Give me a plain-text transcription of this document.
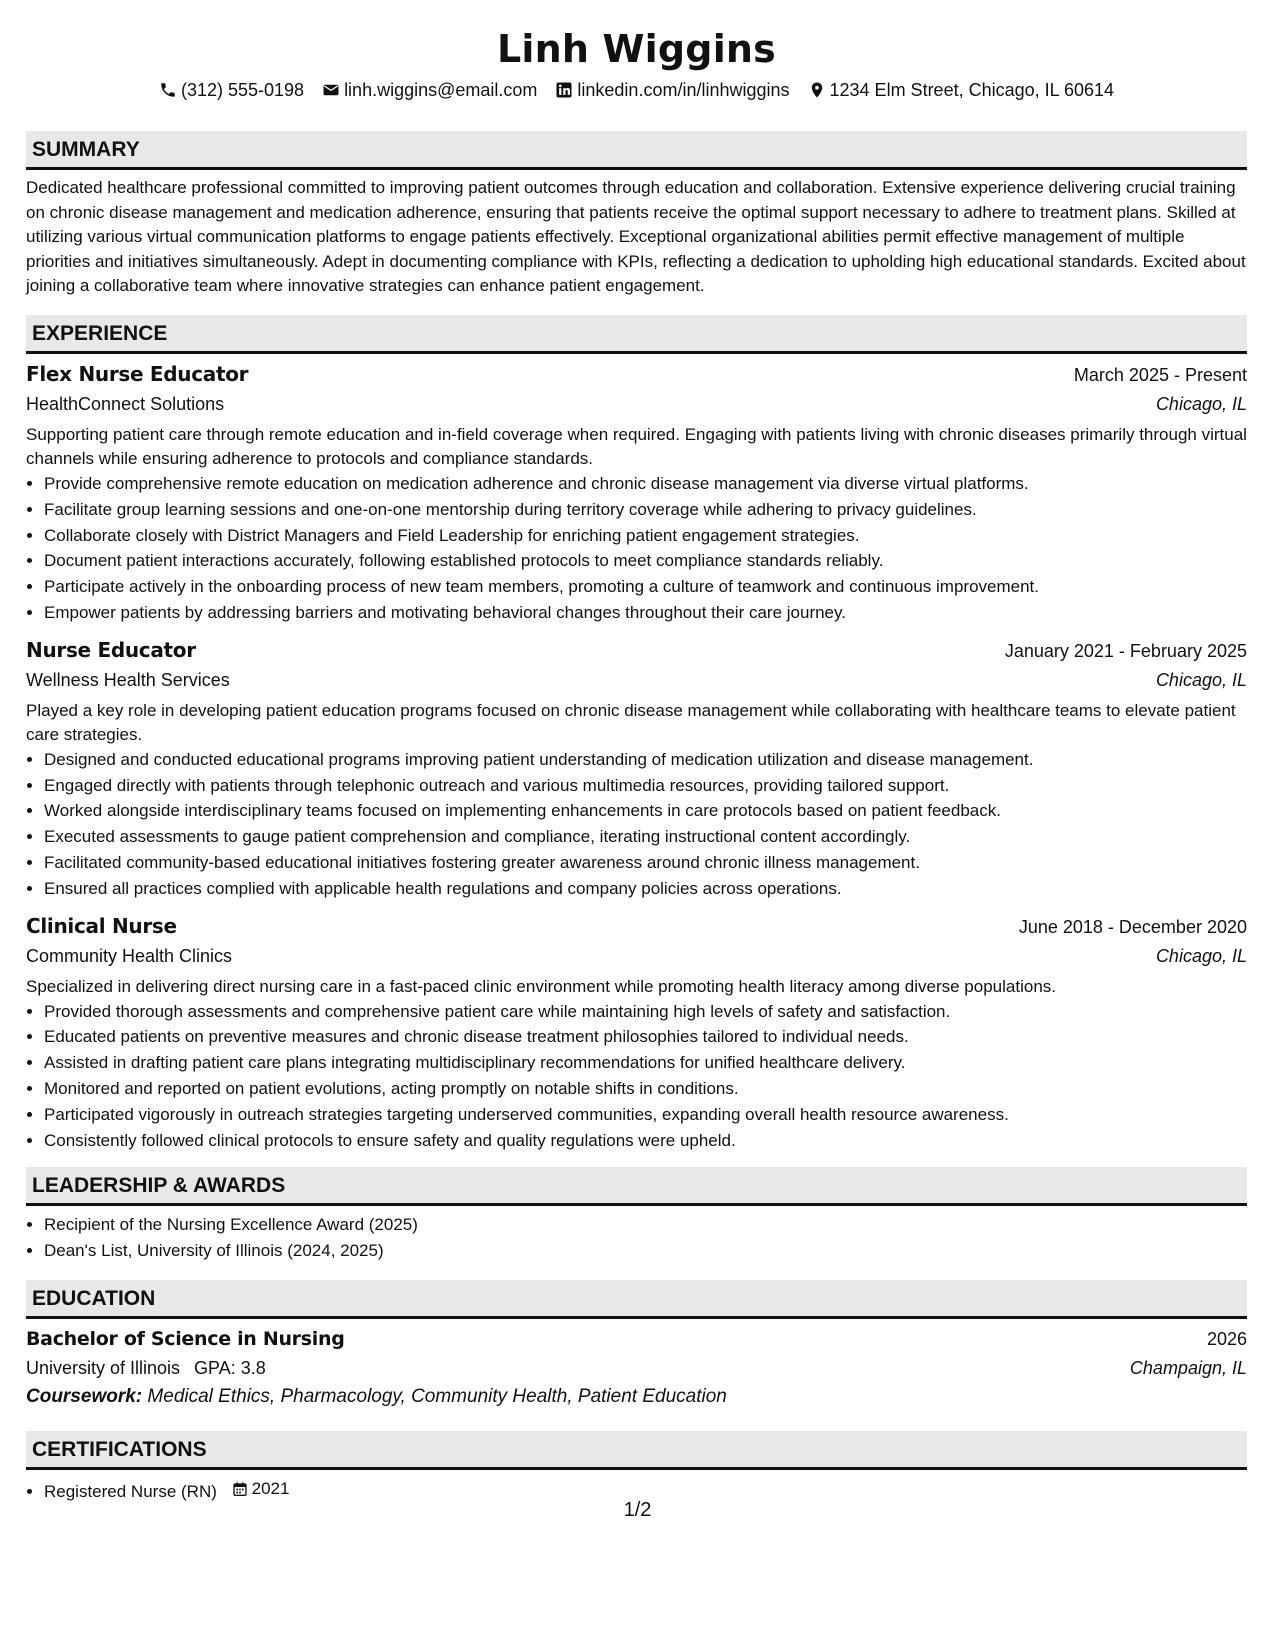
Linh Wiggins
(312) 555-0198 linh.wiggins@email.com linkedin.com/in/linhwiggins 1234 Elm Street, Chicago, IL 60614
SUMMARY

Dedicated healthcare professional committed to improving patient outcomes through education and collaboration. Extensive experience delivering crucial training on chronic disease management and medication adherence, ensuring that patients receive the optimal support necessary to adhere to treatment plans. Skilled at utilizing various virtual communication platforms to engage patients effectively. Exceptional organizational abilities permit effective management of multiple priorities and initiatives simultaneously. Adept in documenting compliance with KPIs, reflecting a dedication to upholding high educational standards. Excited about joining a collaborative team where innovative strategies can enhance patient engagement.

EXPERIENCE
Flex Nurse Educator	March 2025 - Present
HealthConnect Solutions	Chicago, IL

Supporting patient care through remote education and in-field coverage when required. Engaging with patients living with chronic diseases primarily through virtual channels while ensuring adherence to protocols and compliance standards.

• Provide comprehensive remote education on medication adherence and chronic disease management via diverse virtual platforms.
• Facilitate group learning sessions and one-on-one mentorship during territory coverage while adhering to privacy guidelines.
• Collaborate closely with District Managers and Field Leadership for enriching patient engagement strategies.
• Document patient interactions accurately, following established protocols to meet compliance standards reliably.
• Participate actively in the onboarding process of new team members, promoting a culture of teamwork and continuous improvement.
• Empower patients by addressing barriers and motivating behavioral changes throughout their care journey.
Nurse Educator	January 2021 - February 2025
Wellness Health Services	Chicago, IL

Played a key role in developing patient education programs focused on chronic disease management while collaborating with healthcare teams to elevate patient care strategies.

• Designed and conducted educational programs improving patient understanding of medication utilization and disease management.
• Engaged directly with patients through telephonic outreach and various multimedia resources, providing tailored support.
• Worked alongside interdisciplinary teams focused on implementing enhancements in care protocols based on patient feedback.
• Executed assessments to gauge patient comprehension and compliance, iterating instructional content accordingly.
• Facilitated community-based educational initiatives fostering greater awareness around chronic illness management.
• Ensured all practices complied with applicable health regulations and company policies across operations.
Clinical Nurse	June 2018 - December 2020
Community Health Clinics	Chicago, IL

Specialized in delivering direct nursing care in a fast-paced clinic environment while promoting health literacy among diverse populations.

• Provided thorough assessments and comprehensive patient care while maintaining high levels of safety and satisfaction.
• Educated patients on preventive measures and chronic disease treatment philosophies tailored to individual needs.
• Assisted in drafting patient care plans integrating multidisciplinary recommendations for unified healthcare delivery.
• Monitored and reported on patient evolutions, acting promptly on notable shifts in conditions.
• Participated vigorously in outreach strategies targeting underserved communities, expanding overall health resource awareness.
• Consistently followed clinical protocols to ensure safety and quality regulations were upheld.
LEADERSHIP & AWARDS
• Recipient of the Nursing Excellence Award (2025)
• Dean's List, University of Illinois (2024, 2025)
EDUCATION
Bachelor of Science in Nursing	2026
University of Illinois GPA: 3.8	Champaign, IL
Coursework: Medical Ethics, Pharmacology, Community Health, Patient Education
CERTIFICATIONS
• Registered Nurse (RN) 2021
1/2
